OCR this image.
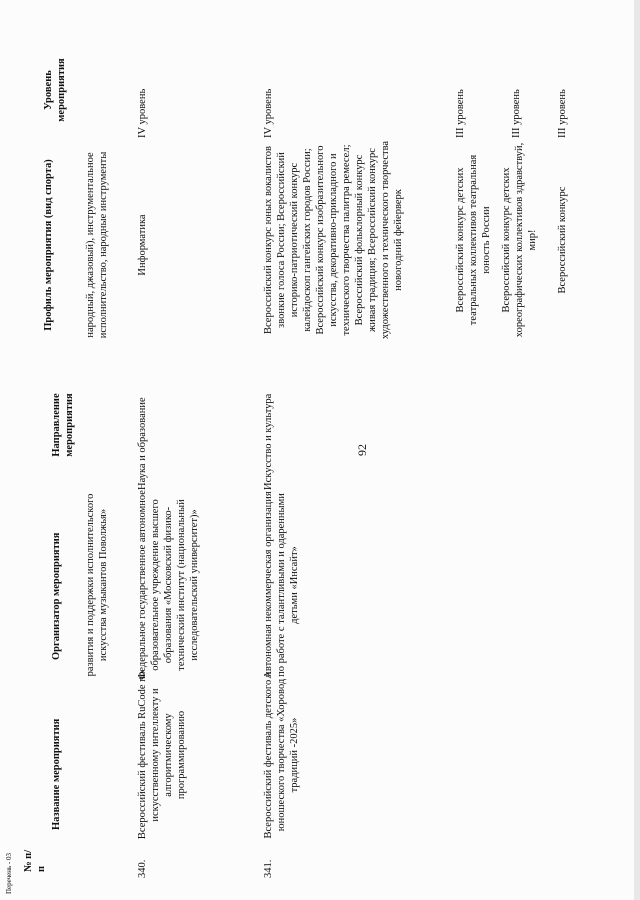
92
Перечень - 03 № п/п
Название мероприятия
Организатор мероприятия
Направление мероприятия
Профиль мероприятия (вид спорта)
Уровень мероприятия
развития и поддержки исполнительского искусства музыкантов Поволжья»
народный, джазовый), инструментальное исполнительство, народные инструменты
340.
Всероссийский фестиваль RuCode по искусственному интеллекту и алгоритмическому программированию
Федеральное государственное автономное образовательное учреждение высшего образования «Московский физико-технический институт (национальный исследовательский университет)»
Наука и образование
Информатика
IV уровень
341.
Всероссийский фестиваль детского и юношеского творчества «Хоровод традиций -2025»
Автономная некоммерческая организация по работе с талантливыми и одаренными детьми «Инсайт»
Искусство и культура
Всероссийский конкурс юных вокалистов звонкие голоса России; Всероссийский историко-патриотический конкурс калейдоскоп гангейских городов России; Всероссийский конкурс изобразительного искусства, декоративно-прикладного и технического творчества палитра ремесел; Всероссийский фольклорный конкурс живая традиция; Всероссийский конкурс художественного и технического творчества новогодний фейерверк
IV уровень
Всероссийский конкурс детских театральных коллективов театральная юность России
III уровень
Всероссийский конкурс детских хореографических коллективов здравствуй, мир!
III уровень
Всероссийский конкурс
III уровень
